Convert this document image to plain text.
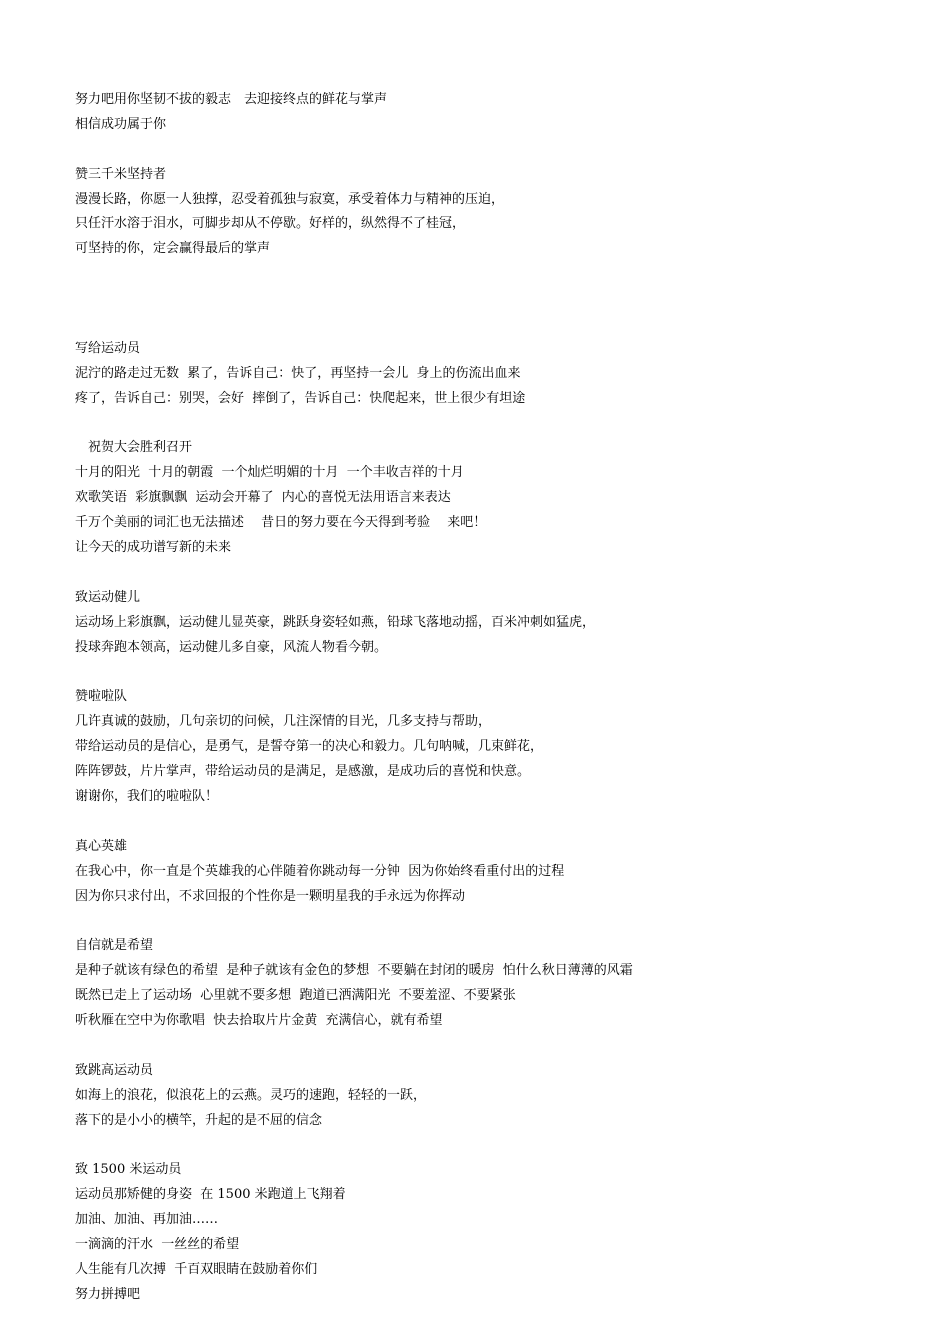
努力吧用你坚韧不拔的毅志　去迎接终点的鲜花与掌声
相信成功属于你
赞三千米坚持者
漫漫长路，你愿一人独撑，忍受着孤独与寂寞，承受着体力与精神的压迫，
只任汗水溶于泪水，可脚步却从不停歇。好样的，纵然得不了桂冠，
可坚持的你，定会赢得最后的掌声
写给运动员
泥泞的路走过无数  累了，告诉自己：快了，再坚持一会儿  身上的伤流出血来
疼了，告诉自己：别哭，会好  摔倒了，告诉自己：快爬起来，世上很少有坦途
　祝贺大会胜利召开
十月的阳光  十月的朝霞  一个灿烂明媚的十月  一个丰收吉祥的十月
欢歌笑语  彩旗飘飘  运动会开幕了  内心的喜悦无法用语言来表达
千万个美丽的词汇也无法描述　 昔日的努力要在今天得到考验　 来吧！
让今天的成功谱写新的未来
致运动健儿
运动场上彩旗飘，运动健儿显英豪，跳跃身姿轻如燕，铅球飞落地动摇，百米冲刺如猛虎，
投球奔跑本领高，运动健儿多自豪，风流人物看今朝。
赞啦啦队
几许真诚的鼓励，几句亲切的问候，几注深情的目光，几多支持与帮助，
带给运动员的是信心，是勇气，是誓夺第一的决心和毅力。几句呐喊，几束鲜花，
阵阵锣鼓，片片掌声，带给运动员的是满足，是感激，是成功后的喜悦和快意。
谢谢你，我们的啦啦队！
真心英雄
在我心中，你一直是个英雄我的心伴随着你跳动每一分钟  因为你始终看重付出的过程
因为你只求付出，不求回报的个性你是一颗明星我的手永远为你挥动
自信就是希望
是种子就该有绿色的希望  是种子就该有金色的梦想  不要躺在封闭的暖房  怕什么秋日薄薄的风霜
既然已走上了运动场  心里就不要多想  跑道已洒满阳光  不要羞涩、不要紧张
听秋雁在空中为你歌唱  快去拾取片片金黄  充满信心，就有希望
致跳高运动员
如海上的浪花，似浪花上的云燕。灵巧的速跑，轻轻的一跃，
落下的是小小的横竿，升起的是不屈的信念
致 1500 米运动员
运动员那矫健的身姿  在 1500 米跑道上飞翔着
加油、加油、再加油……
一滴滴的汗水  一丝丝的希望
人生能有几次搏  千百双眼睛在鼓励着你们
努力拼搏吧
